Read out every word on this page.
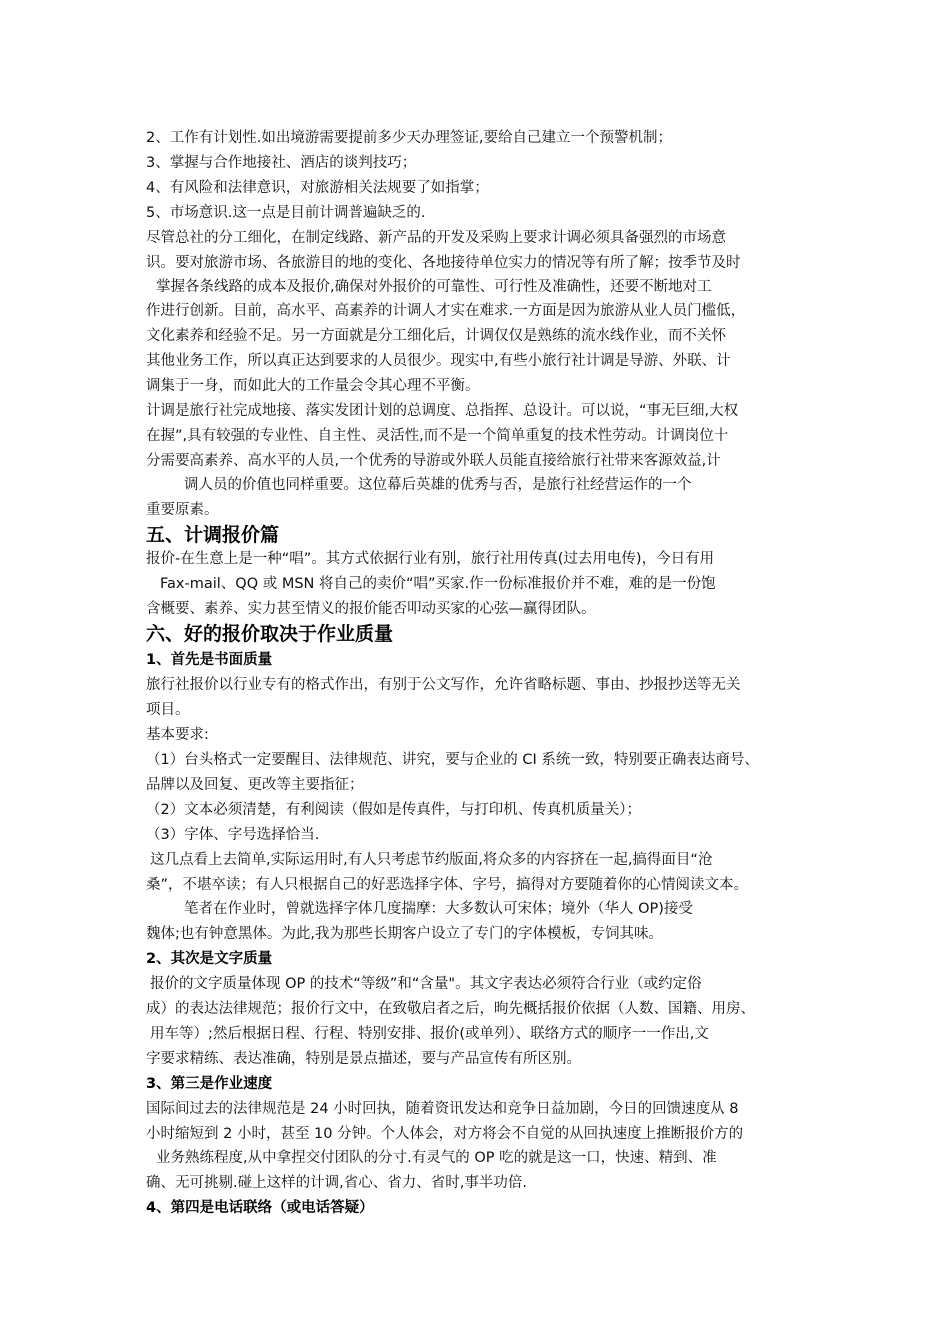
2、工作有计划性.如出境游需要提前多少天办理签证,要给自己建立一个预警机制；
3、掌握与合作地接社、酒店的谈判技巧；
4、有风险和法律意识，对旅游相关法规要了如指掌；
5、市场意识.这一点是目前计调普遍缺乏的.
尽管总社的分工细化，在制定线路、新产品的开发及采购上要求计调必须具备强烈的市场意
识。要对旅游市场、各旅游目的地的变化、各地接待单位实力的情况等有所了解；按季节及时
掌握各条线路的成本及报价,确保对外报价的可靠性、可行性及准确性，还要不断地对工
作进行创新。目前，高水平、高素养的计调人才实在难求.一方面是因为旅游从业人员门槛低，
文化素养和经验不足。另一方面就是分工细化后，计调仅仅是熟练的流水线作业，而不关怀
其他业务工作，所以真正达到要求的人员很少。现实中,有些小旅行社计调是导游、外联、计
调集于一身，而如此大的工作量会令其心理不平衡。
计调是旅行社完成地接、落实发团计划的总调度、总指挥、总设计。可以说，“事无巨细,大权
在握”,具有较强的专业性、自主性、灵活性,而不是一个简单重复的技术性劳动。计调岗位十
分需要高素养、高水平的人员,一个优秀的导游或外联人员能直接给旅行社带来客源效益,计
调人员的价值也同样重要。这位幕后英雄的优秀与否，是旅行社经营运作的一个
重要原素。
五、计调报价篇
报价-在生意上是一种“唱”。其方式依据行业有别，旅行社用传真(过去用电传)，今日有用
Fax-mail、QQ 或 MSN 将自己的卖价“唱”买家.作一份标准报价并不难，难的是一份饱
含概要、素养、实力甚至情义的报价能否叩动买家的心弦—赢得团队。
六、好的报价取决于作业质量
1、首先是书面质量
旅行社报价以行业专有的格式作出，有别于公文写作，允许省略标题、事由、抄报抄送等无关
项目。
基本要求:
（1）台头格式一定要醒目、法律规范、讲究，要与企业的 CI 系统一致，特别要正确表达商号、
品牌以及回复、更改等主要指征；
（2）文本必须清楚，有利阅读（假如是传真件，与打印机、传真机质量关）；
（3）字体、字号选择恰当.
这几点看上去简单,实际运用时,有人只考虑节约版面,将众多的内容挤在一起,搞得面目“沧
桑”，不堪卒读；有人只根据自己的好恶选择字体、字号，搞得对方要随着你的心情阅读文本。
笔者在作业时，曾就选择字体几度揣摩：大多数认可宋体；境外（华人 OP)接受
魏体;也有钟意黑体。为此,我为那些长期客户设立了专门的字体模板，专饲其味。
2、其次是文字质量
报价的文字质量体现 OP 的技术“等级”和“含量"。其文字表达必须符合行业（或约定俗
成）的表达法律规范；报价行文中，在致敬启者之后，昫先概括报价依据（人数、国籍、用房、
用车等）;然后根据日程、行程、特别安排、报价(或单列）、联络方式的顺序一一作出,文
字要求精练、表达准确，特别是景点描述，要与产品宣传有所区别。
3、第三是作业速度
国际间过去的法律规范是 24 小时回执，随着资讯发达和竞争日益加剧，今日的回馈速度从 8
小时缩短到 2 小时，甚至 10 分钟。个人体会，对方将会不自觉的从回执速度上推断报价方的
业务熟练程度,从中拿捏交付团队的分寸.有灵气的 OP 吃的就是这一口，快速、精到、准
确、无可挑剔.碰上这样的计调,省心、省力、省时,事半功倍.
4、第四是电话联络（或电话答疑）
